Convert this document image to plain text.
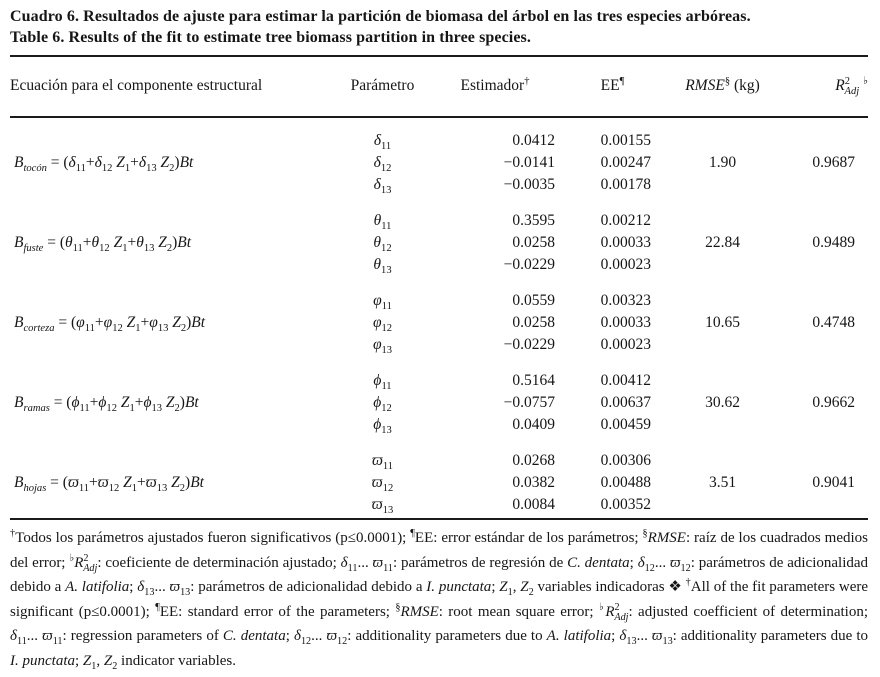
Cuadro 6. Resultados de ajuste para estimar la partición de biomasa del árbol en las tres especies arbóreas.
Table 6. Results of the fit to estimate tree biomass partition in three species.
Ecuación para el componente estructural	Parámetro	Estimador†	EE¶	RMSE§ (kg)	$R^2_{Adj}$ ♭

$B_{tocón} = (\delta_{11}+\delta_{12}$ $Z_1+\delta_{13}$ $Z_2)Bt$	$\delta_{11}$	0.0412	0.00155	1.90	0.9687
	$\delta_{12}$	−0.0141	0.00247		
	$\delta_{13}$	−0.0035	0.00178		

$B_{fuste} = (\theta_{11}+\theta_{12}$ $Z_1+\theta_{13}$ $Z_2)Bt$	$\theta_{11}$	0.3595	0.00212	22.84	0.9489
	$\theta_{12}$	0.0258	0.00033		
	$\theta_{13}$	−0.0229	0.00023		

$B_{corteza} = (\varphi_{11}+\varphi_{12}$ $Z_1+\varphi_{13}$ $Z_2)Bt$	$\varphi_{11}$	0.0559	0.00323	10.65	0.4748
	$\varphi_{12}$	0.0258	0.00033		
	$\varphi_{13}$	−0.0229	0.00023		

$B_{ramas} = (\phi_{11}+\phi_{12}$ $Z_1+\phi_{13}$ $Z_2)Bt$	$\phi_{11}$	0.5164	0.00412	30.62	0.9662
	$\phi_{12}$	−0.0757	0.00637		
	$\phi_{13}$	0.0409	0.00459		

$B_{hojas} = (ϖ_{11}+ϖ_{12}$ $Z_1+ϖ_{13}$ $Z_2)Bt$	$ϖ_{11}$	0.0268	0.00306	3.51	0.9041
	$ϖ_{12}$	0.0382	0.00488		
	$ϖ_{13}$	0.0084	0.00352		

†Todos los parámetros ajustados fueron significativos (p≤0.0001); ¶EE: error estándar de los parámetros; §RMSE: raíz de los cuadrados medios del error; $^♭R^2_{Adj}$: coeficiente de determinación ajustado; $\delta_{11}$... $ϖ_{11}$: parámetros de regresión de C. dentata; $\delta_{12}$... $ϖ_{12}$: parámetros de adicionalidad debido a A. latifolia; $\delta_{13}$... $ϖ_{13}$: parámetros de adicionalidad debido a I. punctata; $Z_1$, $Z_2$ variables indicadoras ❖ †All of the fit parameters were significant (p≤0.0001); ¶EE: standard error of the parameters; §RMSE: root mean square error; $^♭R^2_{Adj}$: adjusted coefficient of determination; $\delta_{11}$... $ϖ_{11}$: regression parameters of C. dentata; $\delta_{12}$... $ϖ_{12}$: additionality parameters due to A. latifolia; $\delta_{13}$... $ϖ_{13}$: additionality parameters due to I. punctata; $Z_1$, $Z_2$ indicator variables.
